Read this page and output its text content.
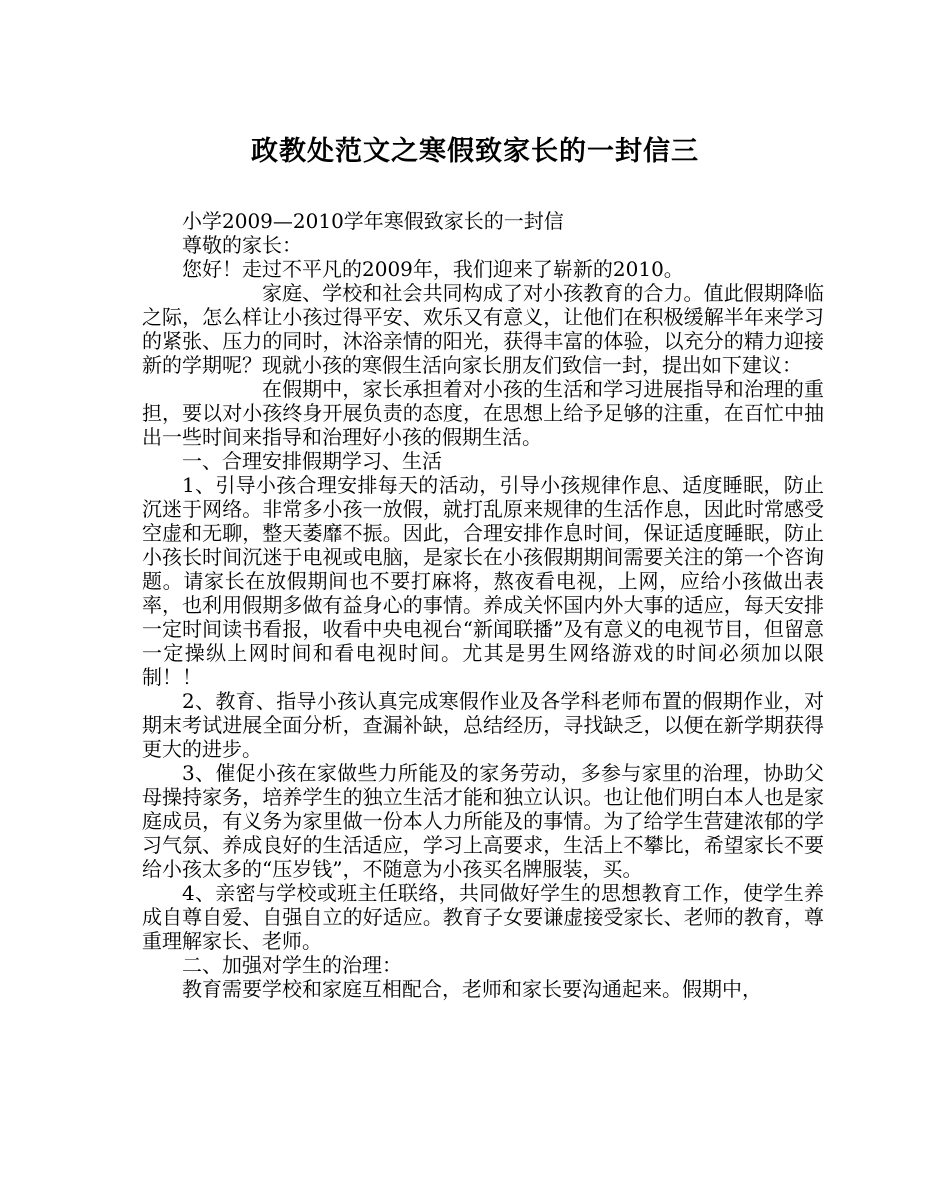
政教处范文之寒假致家长的一封信三

小学2009—2010学年寒假致家长的一封信

尊敬的家长：

您好！走过不平凡的2009年，我们迎来了崭新的2010。

家庭、学校和社会共同构成了对小孩教育的合力。值此假期降临之际，怎么样让小孩过得平安、欢乐又有意义，让他们在积极缓解半年来学习的紧张、压力的同时，沐浴亲情的阳光，获得丰富的体验，以充分的精力迎接新的学期呢？现就小孩的寒假生活向家长朋友们致信一封，提出如下建议：

在假期中，家长承担着对小孩的生活和学习进展指导和治理的重担，要以对小孩终身开展负责的态度，在思想上给予足够的注重，在百忙中抽出一些时间来指导和治理好小孩的假期生活。

一、合理安排假期学习、生活

1、引导小孩合理安排每天的活动，引导小孩规律作息、适度睡眠，防止沉迷于网络。非常多小孩一放假，就打乱原来规律的生活作息，因此时常感受空虚和无聊，整天萎靡不振。因此，合理安排作息时间，保证适度睡眠，防止小孩长时间沉迷于电视或电脑，是家长在小孩假期期间需要关注的第一个咨询题。请家长在放假期间也不要打麻将，熬夜看电视，上网，应给小孩做出表率，也利用假期多做有益身心的事情。养成关怀国内外大事的适应，每天安排一定时间读书看报，收看中央电视台“新闻联播”及有意义的电视节目，但留意一定操纵上网时间和看电视时间。尤其是男生网络游戏的时间必须加以限制！！

2、教育、指导小孩认真完成寒假作业及各学科老师布置的假期作业，对期末考试进展全面分析，查漏补缺，总结经历，寻找缺乏，以便在新学期获得更大的进步。

3、催促小孩在家做些力所能及的家务劳动，多参与家里的治理，协助父母操持家务，培养学生的独立生活才能和独立认识。也让他们明白本人也是家庭成员，有义务为家里做一份本人力所能及的事情。为了给学生营建浓郁的学习气氛、养成良好的生活适应，学习上高要求，生活上不攀比，希望家长不要给小孩太多的“压岁钱”，不随意为小孩买名牌服装，买。

4、亲密与学校或班主任联络，共同做好学生的思想教育工作，使学生养成自尊自爱、自强自立的好适应。教育子女要谦虚接受家长、老师的教育，尊重理解家长、老师。

二、加强对学生的治理：

教育需要学校和家庭互相配合，老师和家长要沟通起来。假期中，
